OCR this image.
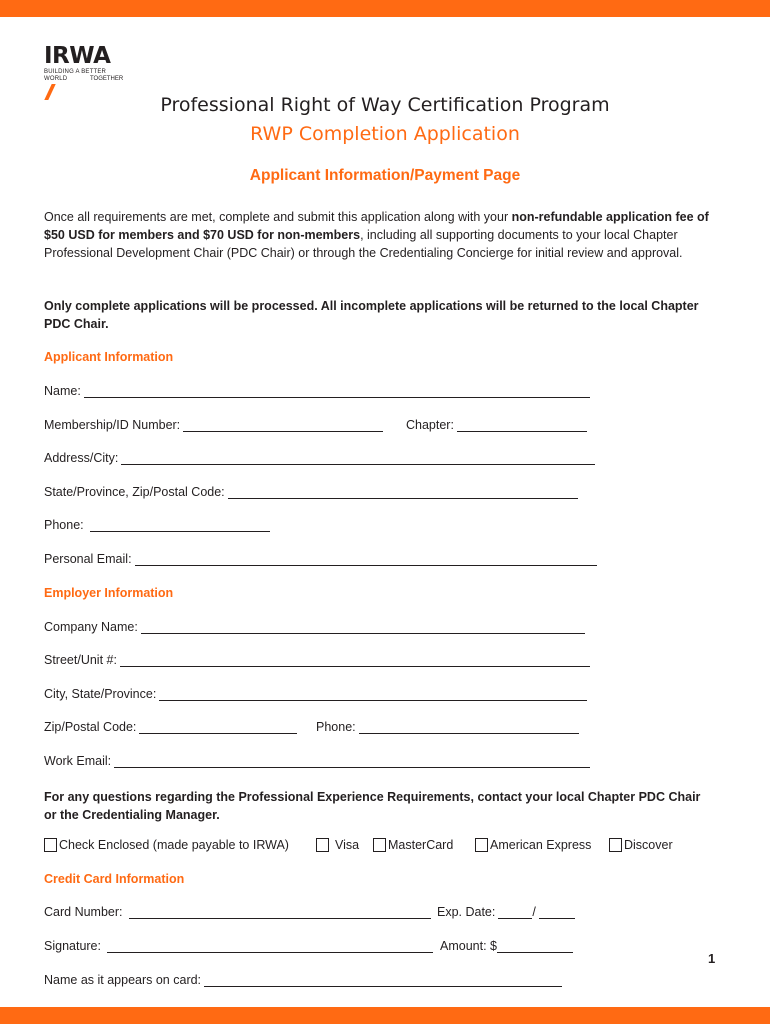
IRWA
BUILDING A BETTER WORLD	TOGETHER
Professional Right of Way Certification Program
RWP Completion Application
Applicant Information/Payment Page
Once all requirements are met, complete and submit this application along with your non-refundable application fee of $50 USD for members and $70 USD for non-members, including all supporting documents to your local Chapter Professional Development Chair (PDC Chair) or through the Credentialing Concierge for initial review and approval.
Only complete applications will be processed. All incomplete applications will be returned to the local Chapter PDC Chair.
Applicant Information
Name:
Membership/ID Number:	Chapter:
Address/City:
State/Province, Zip/Postal Code:
Phone:
Personal Email:
Employer Information
Company Name:
Street/Unit #:
City, State/Province:
Zip/Postal Code:	Phone:
Work Email:
For any questions regarding the Professional Experience Requirements, contact your local Chapter PDC Chair or the Credentialing Manager.
Check Enclosed (made payable to IRWA)	Visa MasterCard	American Express	Discover
Credit Card Information
Card Number:	Exp. Date:	/
Signature:	Amount: $
Name as it appears on card:
1
